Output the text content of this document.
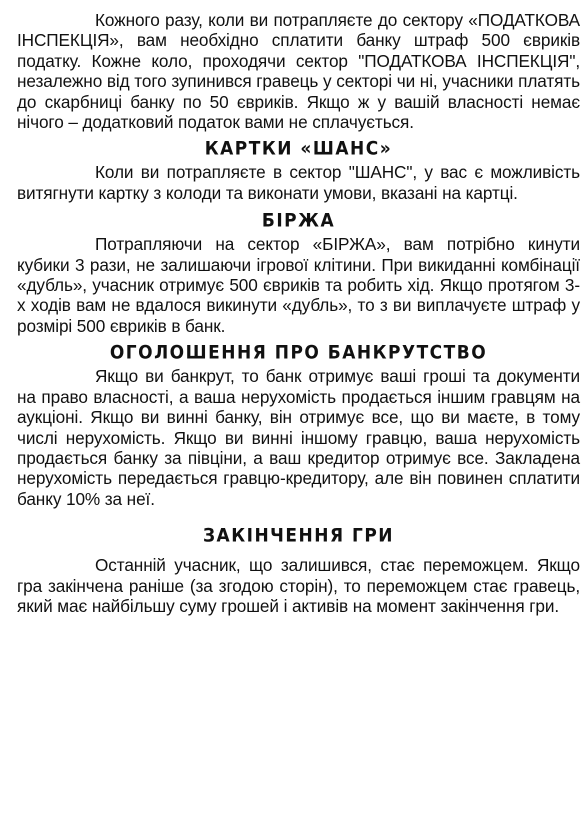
Кожного разу, коли ви потрапляєте до сектору «ПОДАТКОВА ІНСПЕКЦІЯ», вам необхідно сплатити банку штраф 500 євриків податку. Кожне коло, проходячи сектор "ПОДАТКОВА ІНСПЕКЦІЯ", незалежно від того зупинився гравець у секторі чи ні, учасники платять до скарбниці банку по 50 євриків. Якщо ж у вашій власності немає нічого – додатковий податок вами не сплачується.

КАРТКИ «ШАНС»

Коли ви потрапляєте в сектор "ШАНС", у вас є можливість витягнути картку з колоди та виконати умови, вказані на картці.

БІРЖА

Потрапляючи на сектор «БІРЖА», вам потрібно кинути кубики 3 рази, не залишаючи ігрової клітини. При викиданні комбінації «дубль», учасник отримує 500 євриків та робить хід. Якщо протягом 3-х ходів вам не вдалося викинути «дубль», то з ви виплачуєте штраф у розмірі 500 євриків в банк.

ОГОЛОШЕННЯ ПРО БАНКРУТСТВО

Якщо ви банкрут, то банк отримує ваші гроші та документи на право власності, а ваша нерухомість продається іншим гравцям на аукціоні. Якщо ви винні банку, він отримує все, що ви маєте, в тому числі нерухомість. Якщо ви винні іншому гравцю, ваша нерухомість продається банку за півціни, а ваш кредитор отримує все. Закладена нерухомість передається гравцю-кредитору, але він повинен сплатити банку 10% за неї.

ЗАКІНЧЕННЯ ГРИ

Останній учасник, що залишився, стає переможцем. Якщо гра закінчена раніше (за згодою сторін), то переможцем стає гравець, який має найбільшу суму грошей і активів на момент закінчення гри.
